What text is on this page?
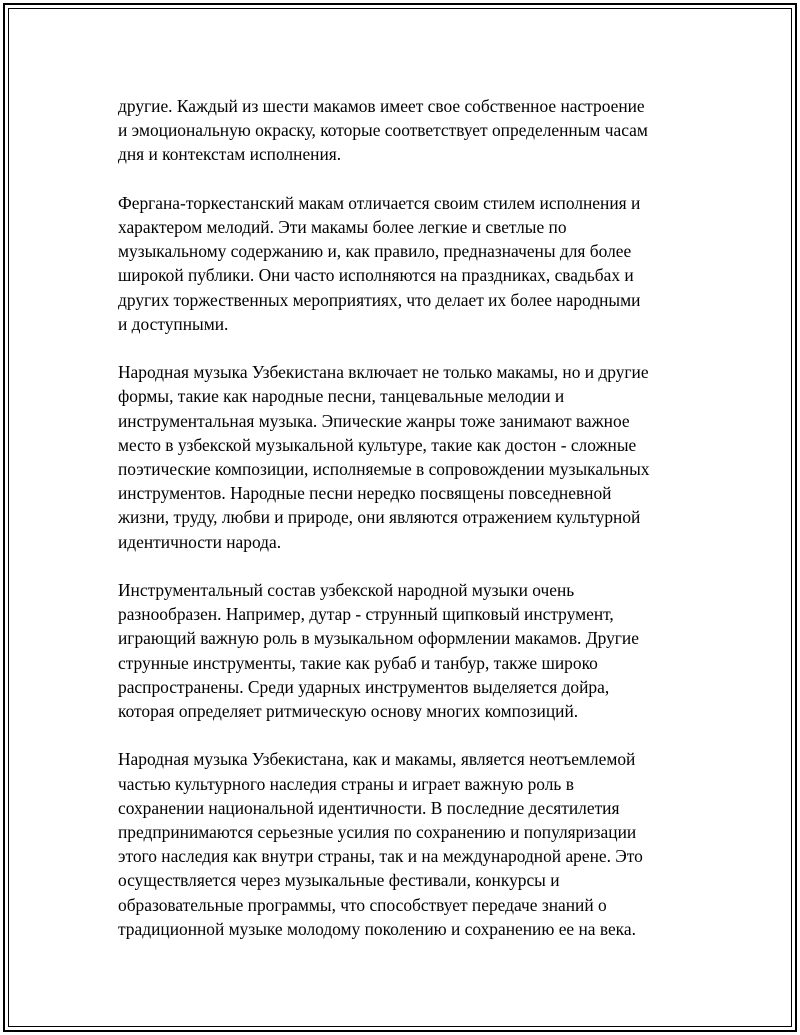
другие. Каждый из шести макамов имеет свое собственное настроение
и эмоциональную окраску, которые соответствует определенным часам
дня и контекстам исполнения.

Фергана-торкестанский макам отличается своим стилем исполнения и
характером мелодий. Эти макамы более легкие и светлые по
музыкальному содержанию и, как правило, предназначены для более
широкой публики. Они часто исполняются на праздниках, свадьбах и
других торжественных мероприятиях, что делает их более народными
и доступными.

Народная музыка Узбекистана включает не только макамы, но и другие
формы, такие как народные песни, танцевальные мелодии и
инструментальная музыка. Эпические жанры тоже занимают важное
место в узбекской музыкальной культуре, такие как достон - сложные
поэтические композиции, исполняемые в сопровождении музыкальных
инструментов. Народные песни нередко посвящены повседневной
жизни, труду, любви и природе, они являются отражением культурной
идентичности народа.

Инструментальный состав узбекской народной музыки очень
разнообразен. Например, дутар - струнный щипковый инструмент,
играющий важную роль в музыкальном оформлении макамов. Другие
струнные инструменты, такие как рубаб и танбур, также широко
распространены. Среди ударных инструментов выделяется дойра,
которая определяет ритмическую основу многих композиций.

Народная музыка Узбекистана, как и макамы, является неотъемлемой
частью культурного наследия страны и играет важную роль в
сохранении национальной идентичности. В последние десятилетия
предпринимаются серьезные усилия по сохранению и популяризации
этого наследия как внутри страны, так и на международной арене. Это
осуществляется через музыкальные фестивали, конкурсы и
образовательные программы, что способствует передаче знаний о
традиционной музыке молодому поколению и сохранению ее на века.
